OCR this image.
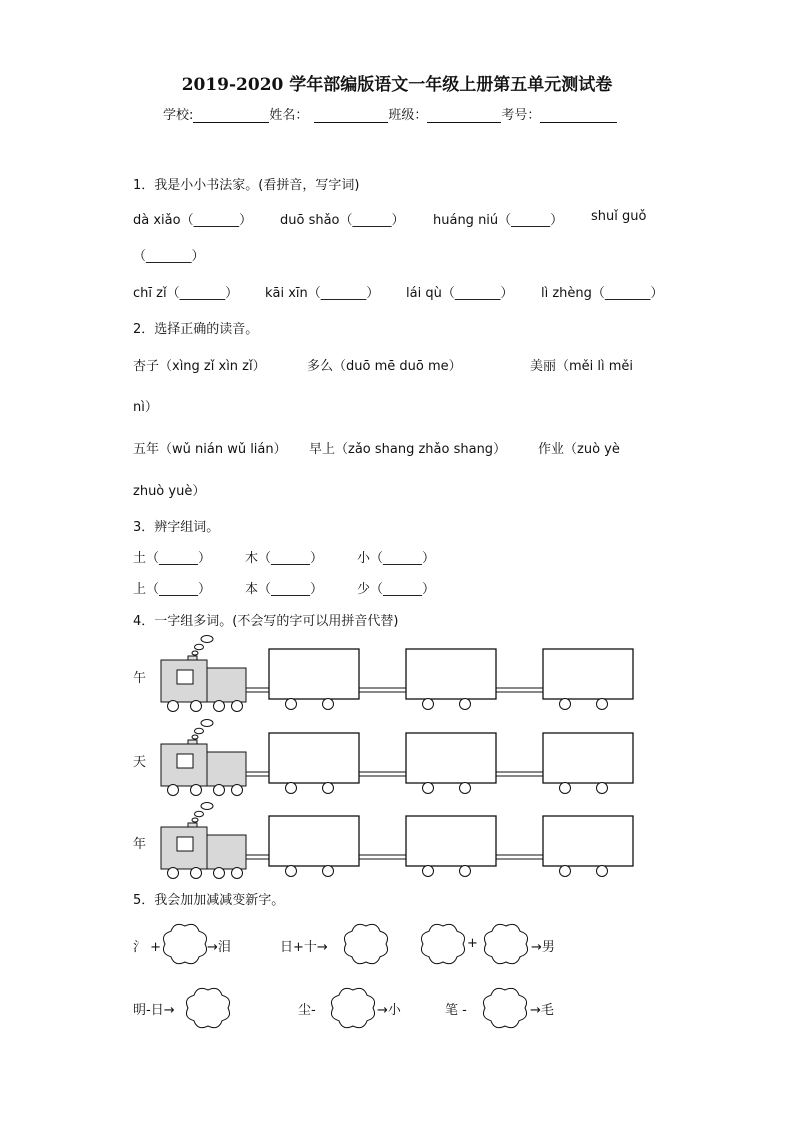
2019-2020 学年部编版语文一年级上册第五单元测试卷
学校:	姓名：	班级：	考号：
1．我是小小书法家。(看拼音，写字词)
dà xiǎo（_______） duō shǎo（______） huáng niú（______） shuǐ guǒ
（_______）
chī zǐ（_______） kāi xīn（_______） lái qù（_______） lì zhèng（_______）
2．选择正确的读音。
杏子（xìng zǐ xìn zǐ）	多么（duō mē duō me）	美丽（měi lì měi
nì）
五年（wǔ nián wǔ lián） 早上（zǎo shang zhǎo shang） 作业（zuò yè
zhuò yuè）
3．辨字组词。
土（______）	木（______）	小（______）
上（______）	本（______）	少（______）
4．一字组多词。(不会写的字可以用拼音代替)
午
天
年
5．我会加加减减变新字。
氵 +	→泪	日+十→	+	→男
明-日→	尘-	→小	笔 -	→毛
